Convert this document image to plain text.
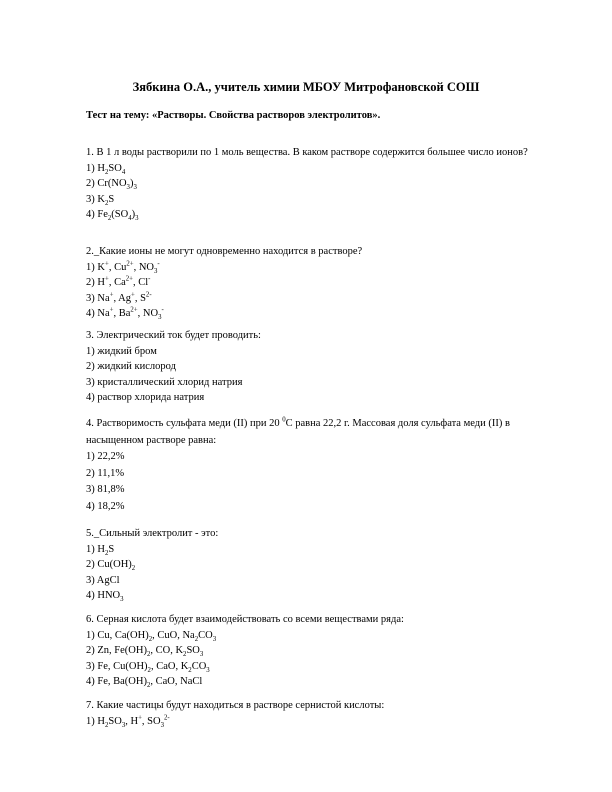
Зябкина О.А., учитель химии МБОУ Митрофановской СОШ
Тест на тему: «Растворы. Свойства растворов электролитов».

1. В 1 л воды растворили по 1 моль вещества. В каком растворе содержится большее число ионов?

1) $H_2SO_4$

2) $Cr(NO_3)_3$

3) $K_2S$

4) $Fe_2(SO_4)_3$

2._Какие ионы не могут одновременно находится в растворе?

1) K+, $Cu^{2+}$, $NO_3^-$

2) H+, $Ca^{2+}$, Cl-

3) Na+, Ag+, $S^{2-}$

4) Na+, $Ba^{2+}$, $NO_3^-$

3. Электрический ток будет проводить:

1) жидкий бром

2) жидкий кислород

3) кристаллический хлорид натрия

4) раствор хлорида натрия

4. Растворимость сульфата меди (II) при 20 $^0$С равна 22,2 г. Массовая доля сульфата меди (II) в насыщенном растворе равна:

1) 22,2%

2) 11,1%

3) 81,8%

4) 18,2%

5._Сильный электролит - это:

1) $H_2S$

2) $Cu(OH)_2$

3) AgCl

4) $HNO_3$

6. Серная кислота будет взаимодействовать со всеми веществами ряда:

1) Cu, $Ca(OH)_2$, CuO, $Na_2CO_3$

2) Zn, $Fe(OH)_2$, CO, $K_2SO_3$

3) Fe, $Cu(OH)_2$, CaO, $K_2CO_3$

4) Fe, $Ba(OH)_2$, CaO, NaCl

7. Какие частицы будут находиться в растворе сернистой кислоты:

1) $H_2SO_3$, H+, $SO_3^{2-}$
